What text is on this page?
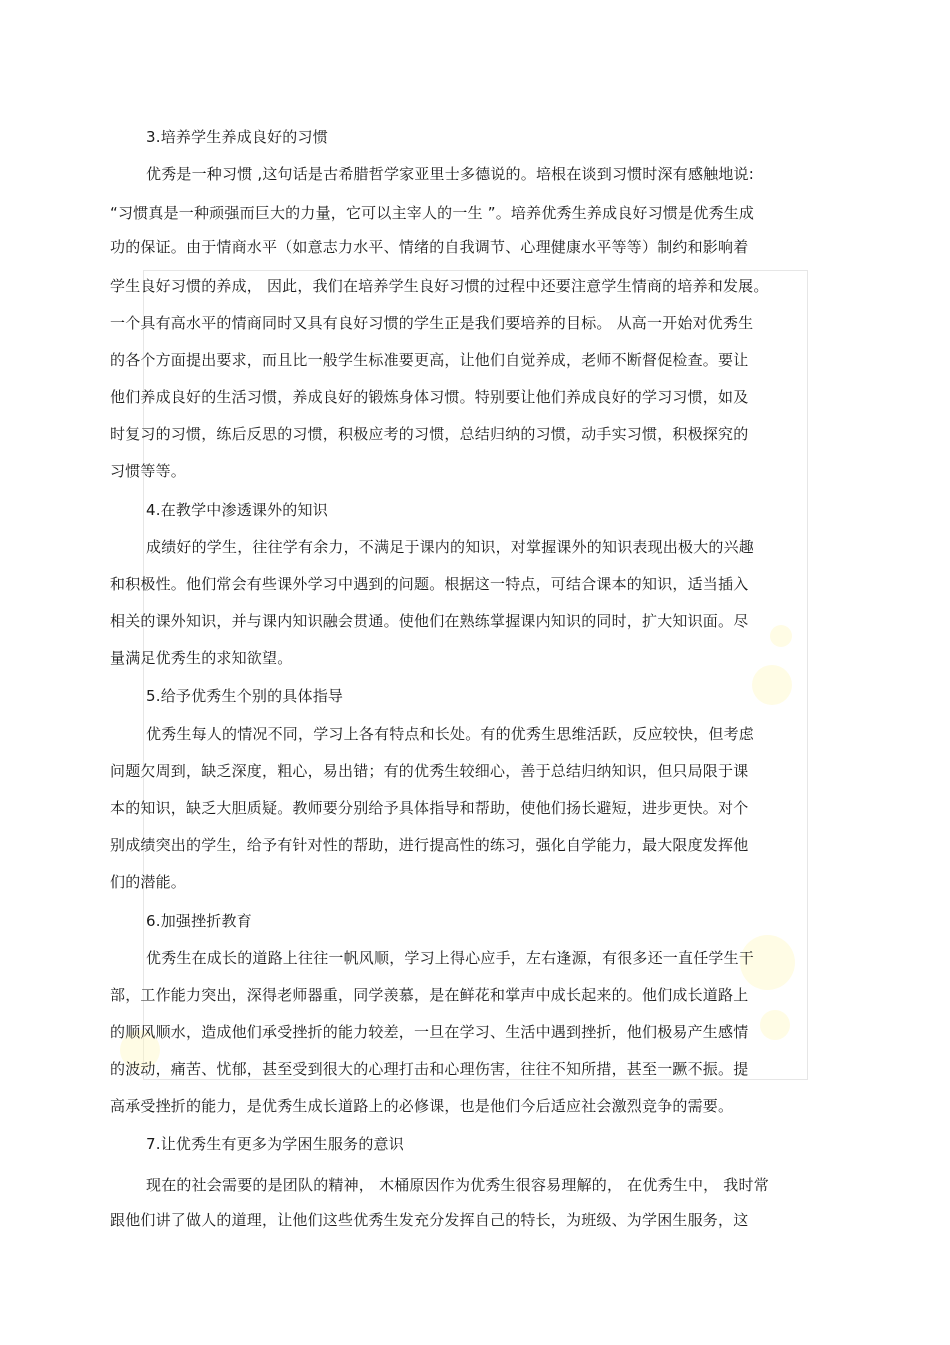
3.培养学生养成良好的习惯
优秀是一种习惯 ,这句话是古希腊哲学家亚里士多德说的。培根在谈到习惯时深有感触地说:
“习惯真是一种顽强而巨大的力量，它可以主宰人的一生 ”。培养优秀生养成良好习惯是优秀生成
功的保证。由于情商水平（如意志力水平、情绪的自我调节、心理健康水平等等）制约和影响着
学生良好习惯的养成， 因此，我们在培养学生良好习惯的过程中还要注意学生情商的培养和发展。
一个具有高水平的情商同时又具有良好习惯的学生正是我们要培养的目标。 从高一开始对优秀生
的各个方面提出要求，而且比一般学生标准要更高，让他们自觉养成，老师不断督促检查。要让
他们养成良好的生活习惯，养成良好的锻炼身体习惯。特别要让他们养成良好的学习习惯，如及
时复习的习惯，练后反思的习惯，积极应考的习惯，总结归纳的习惯，动手实习惯，积极探究的
习惯等等。
4.在教学中渗透课外的知识
成绩好的学生，往往学有余力，不满足于课内的知识，对掌握课外的知识表现出极大的兴趣
和积极性。他们常会有些课外学习中遇到的问题。根据这一特点，可结合课本的知识，适当插入
相关的课外知识，并与课内知识融会贯通。使他们在熟练掌握课内知识的同时，扩大知识面。尽
量满足优秀生的求知欲望。
5.给予优秀生个别的具体指导
优秀生每人的情况不同，学习上各有特点和长处。有的优秀生思维活跃，反应较快，但考虑
问题欠周到，缺乏深度，粗心，易出错；有的优秀生较细心，善于总结归纳知识，但只局限于课
本的知识，缺乏大胆质疑。教师要分别给予具体指导和帮助，使他们扬长避短，进步更快。对个
别成绩突出的学生，给予有针对性的帮助，进行提高性的练习，强化自学能力，最大限度发挥他
们的潜能。
6.加强挫折教育
优秀生在成长的道路上往往一帆风顺，学习上得心应手，左右逢源，有很多还一直任学生干
部，工作能力突出，深得老师器重，同学羡慕，是在鲜花和掌声中成长起来的。他们成长道路上
的顺风顺水，造成他们承受挫折的能力较差，一旦在学习、生活中遇到挫折，他们极易产生感情
的波动，痛苦、忧郁，甚至受到很大的心理打击和心理伤害，往往不知所措，甚至一蹶不振。提
高承受挫折的能力，是优秀生成长道路上的必修课，也是他们今后适应社会激烈竞争的需要。
7.让优秀生有更多为学困生服务的意识
现在的社会需要的是团队的精神， 木桶原因作为优秀生很容易理解的， 在优秀生中， 我时常
跟他们讲了做人的道理，让他们这些优秀生发充分发挥自己的特长，为班级、为学困生服务，这
